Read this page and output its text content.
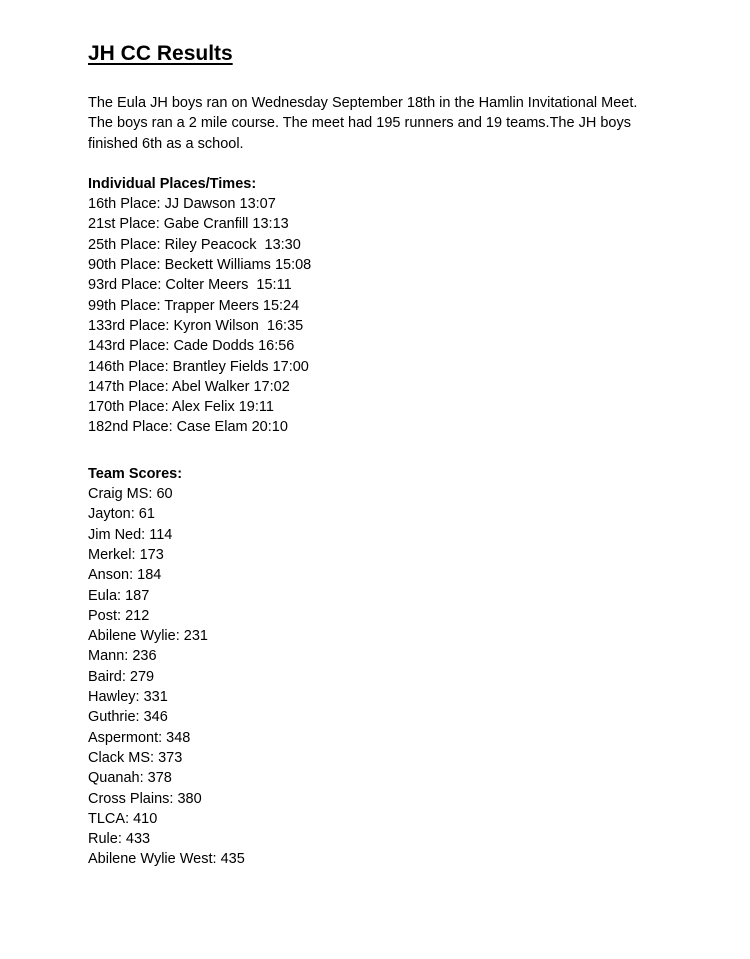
JH CC Results
The Eula JH boys ran on Wednesday September 18th in the Hamlin Invitational Meet.
The boys ran a 2 mile course. The meet had 195 runners and 19 teams.The JH boys
finished 6th as a school.
Individual Places/Times:
16th Place: JJ Dawson 13:07
21st Place: Gabe Cranfill 13:13
25th Place: Riley Peacock  13:30
90th Place: Beckett Williams 15:08
93rd Place: Colter Meers  15:11
99th Place: Trapper Meers 15:24
133rd Place: Kyron Wilson  16:35
143rd Place: Cade Dodds 16:56
146th Place: Brantley Fields 17:00
147th Place: Abel Walker 17:02
170th Place: Alex Felix 19:11
182nd Place: Case Elam 20:10
Team Scores:
Craig MS: 60
Jayton: 61
Jim Ned: 114
Merkel: 173
Anson: 184
Eula: 187
Post: 212
Abilene Wylie: 231
Mann: 236
Baird: 279
Hawley: 331
Guthrie: 346
Aspermont: 348
Clack MS: 373
Quanah: 378
Cross Plains: 380
TLCA: 410
Rule: 433
Abilene Wylie West: 435
